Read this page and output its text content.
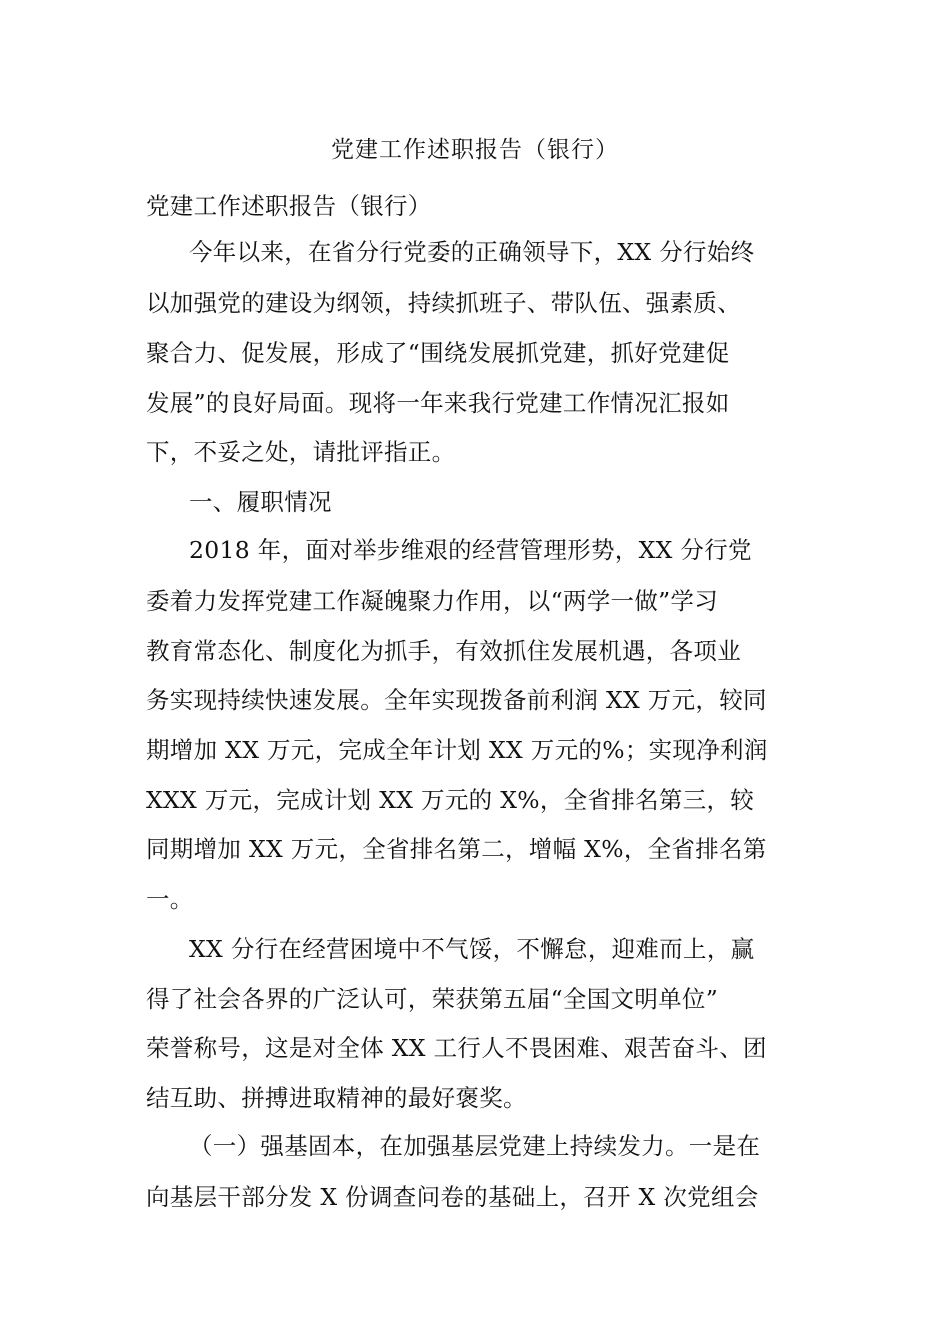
党建工作述职报告（银行）
党建工作述职报告（银行）
今年以来，在省分行党委的正确领导下，XX 分行始终
以加强党的建设为纲领，持续抓班子、带队伍、强素质、
聚合力、促发展，形成了“围绕发展抓党建，抓好党建促
发展”的良好局面。现将一年来我行党建工作情况汇报如
下，不妥之处，请批评指正。
一、履职情况
2018 年，面对举步维艰的经营管理形势，XX 分行党
委着力发挥党建工作凝魄聚力作用，以“两学一做”学习
教育常态化、制度化为抓手，有效抓住发展机遇，各项业
务实现持续快速发展。全年实现拨备前利润 XX 万元，较同
期增加 XX 万元，完成全年计划 XX 万元的%；实现净利润
XXX 万元，完成计划 XX 万元的 X%，全省排名第三，较
同期增加 XX 万元，全省排名第二，增幅 X%，全省排名第
一。
XX 分行在经营困境中不气馁，不懈怠，迎难而上，赢
得了社会各界的广泛认可，荣获第五届“全国文明单位”
荣誉称号，这是对全体 XX 工行人不畏困难、艰苦奋斗、团
结互助、拼搏进取精神的最好褒奖。
（一）强基固本，在加强基层党建上持续发力。一是在
向基层干部分发 X 份调查问卷的基础上，召开 X 次党组会
